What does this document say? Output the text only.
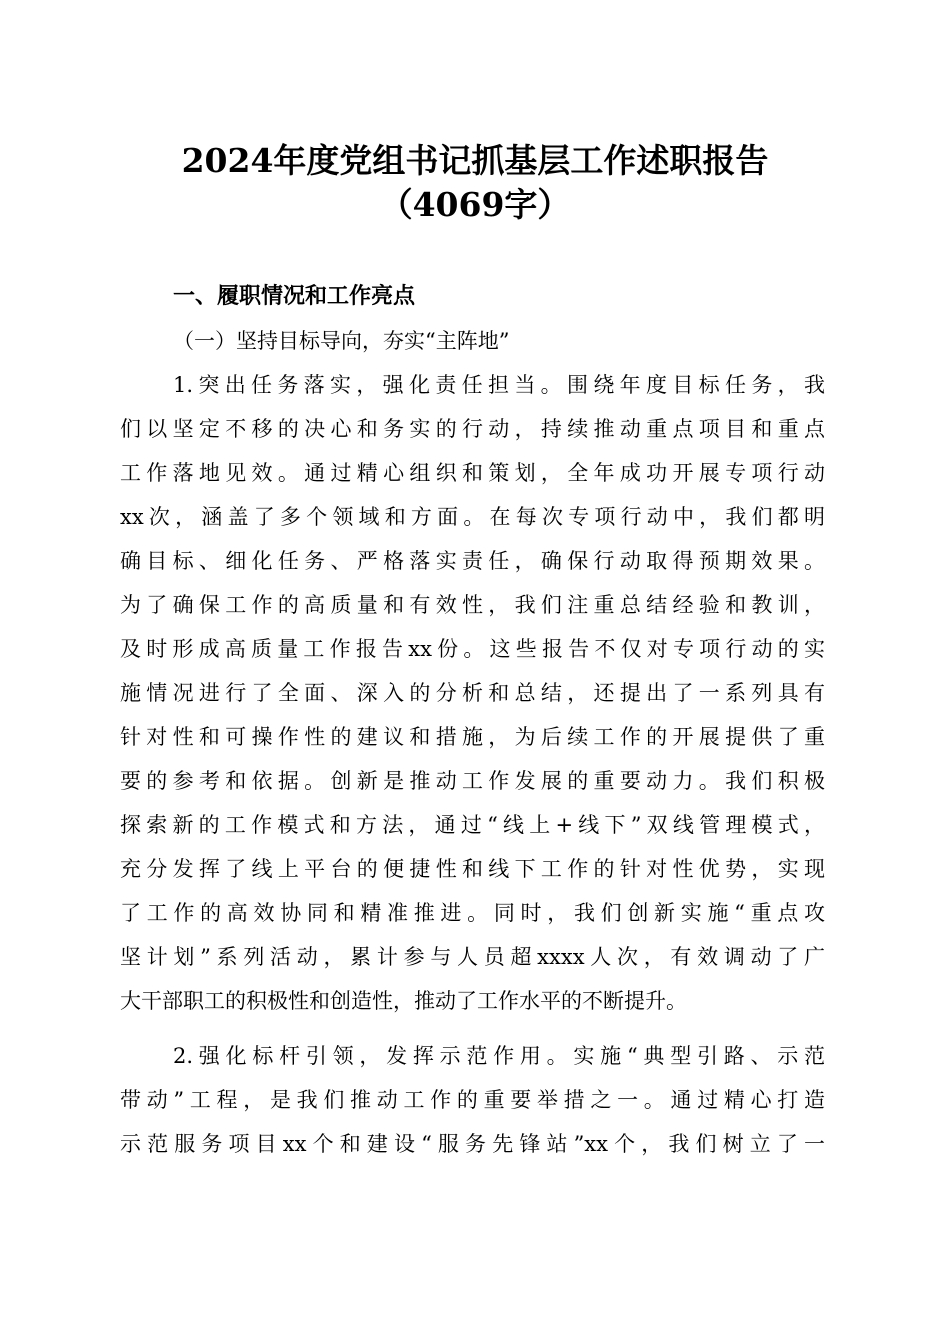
2024年度党组书记抓基层工作述职报告
（4069字）
一、履职情况和工作亮点
（一）坚持目标导向，夯实“主阵地”
1.突出任务落实，强化责任担当。围绕年度目标任务，我
们以坚定不移的决心和务实的行动，持续推动重点项目和重点
工作落地见效。通过精心组织和策划，全年成功开展专项行动
xx次，涵盖了多个领域和方面。在每次专项行动中，我们都明
确目标、细化任务、严格落实责任，确保行动取得预期效果。
为了确保工作的高质量和有效性，我们注重总结经验和教训，
及时形成高质量工作报告xx份。这些报告不仅对专项行动的实
施情况进行了全面、深入的分析和总结，还提出了一系列具有
针对性和可操作性的建议和措施，为后续工作的开展提供了重
要的参考和依据。创新是推动工作发展的重要动力。我们积极
探索新的工作模式和方法，通过“线上+线下”双线管理模式，
充分发挥了线上平台的便捷性和线下工作的针对性优势，实现
了工作的高效协同和精准推进。同时，我们创新实施“重点攻
坚计划”系列活动，累计参与人员超xxxx人次，有效调动了广
大干部职工的积极性和创造性，推动了工作水平的不断提升。
2.强化标杆引领，发挥示范作用。实施“典型引路、示范
带动”工程，是我们推动工作的重要举措之一。通过精心打造
示范服务项目xx个和建设“服务先锋站”xx个，我们树立了一
